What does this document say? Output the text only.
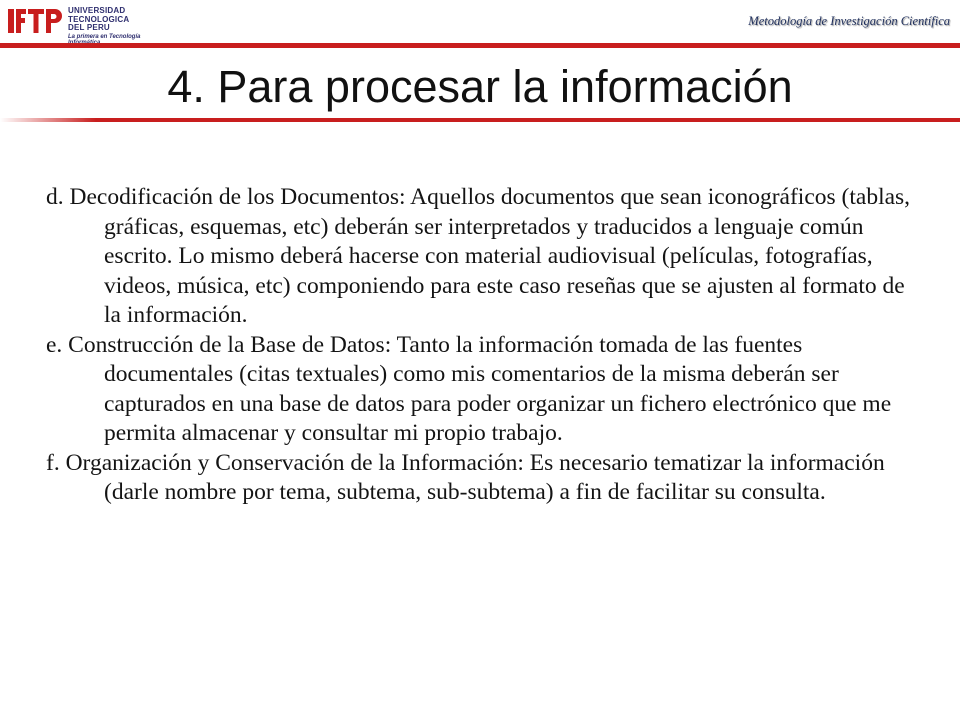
UNIVERSIDAD
TECNOLOGICA
DEL PERU
La primera en Tecnología
Metodología de Investigación Científica
4. Para procesar la información

d. Decodificación de los Documentos: Aquellos documentos que sean iconográficos (tablas, gráficas, esquemas, etc) deberán ser interpretados y traducidos a lenguaje común escrito. Lo mismo deberá hacerse con material audiovisual (películas, fotografías, videos, música, etc) componiendo para este caso reseñas que se ajusten al formato de la información.

e. Construcción de la Base de Datos: Tanto la información tomada de las fuentes documentales (citas textuales) como mis comentarios de la misma deberán ser capturados en una base de datos para poder organizar un fichero electrónico que me permita almacenar y consultar mi propio trabajo.

f. Organización y Conservación de la Información: Es necesario tematizar la información (darle nombre por tema, subtema, sub-subtema) a fin de facilitar su consulta.
